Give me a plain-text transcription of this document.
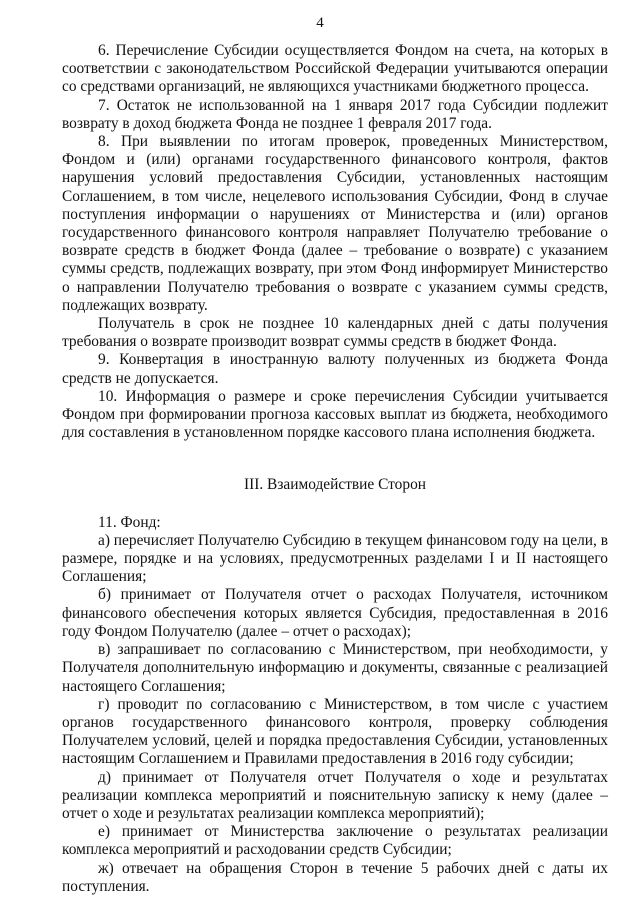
4

6. Перечисление Субсидии осуществляется Фондом на счета, на которых в соответствии с законодательством Российской Федерации учитываются операции со средствами организаций, не являющихся участниками бюджетного процесса.

7. Остаток не использованной на 1 января 2017 года Субсидии подлежит возврату в доход бюджета Фонда не позднее 1 февраля 2017 года.

8. При выявлении по итогам проверок, проведенных Министерством, Фондом и (или) органами государственного финансового контроля, фактов нарушения условий предоставления Субсидии, установленных настоящим Соглашением, в том числе, нецелевого использования Субсидии, Фонд в случае поступления информации о нарушениях от Министерства и (или) органов государственного финансового контроля направляет Получателю требование о возврате средств в бюджет Фонда (далее – требование о возврате) с указанием суммы средств, подлежащих возврату, при этом Фонд информирует Министерство о направлении Получателю требования о возврате с указанием суммы средств, подлежащих возврату.

Получатель в срок не позднее 10 календарных дней с даты получения требования о возврате производит возврат суммы средств в бюджет Фонда.

9. Конвертация в иностранную валюту полученных из бюджета Фонда средств не допускается.

10. Информация о размере и сроке перечисления Субсидии учитывается Фондом при формировании прогноза кассовых выплат из бюджета, необходимого для составления в установленном порядке кассового плана исполнения бюджета.

III. Взаимодействие Сторон

11. Фонд:

а) перечисляет Получателю Субсидию в текущем финансовом году на цели, в размере, порядке и на условиях, предусмотренных разделами I и II настоящего Соглашения;

б) принимает от Получателя отчет о расходах Получателя, источником финансового обеспечения которых является Субсидия, предоставленная в 2016 году Фондом Получателю (далее – отчет о расходах);

в) запрашивает по согласованию с Министерством, при необходимости, у Получателя дополнительную информацию и документы, связанные с реализацией настоящего Соглашения;

г) проводит по согласованию с Министерством, в том числе с участием органов государственного финансового контроля, проверку соблюдения Получателем условий, целей и порядка предоставления Субсидии, установленных настоящим Соглашением и Правилами предоставления в 2016 году субсидии;

д) принимает от Получателя отчет Получателя о ходе и результатах реализации комплекса мероприятий и пояснительную записку к нему (далее – отчет о ходе и результатах реализации комплекса мероприятий);

е) принимает от Министерства заключение о результатах реализации комплекса мероприятий и расходовании средств Субсидии;

ж) отвечает на обращения Сторон в течение 5 рабочих дней с даты их поступления.
